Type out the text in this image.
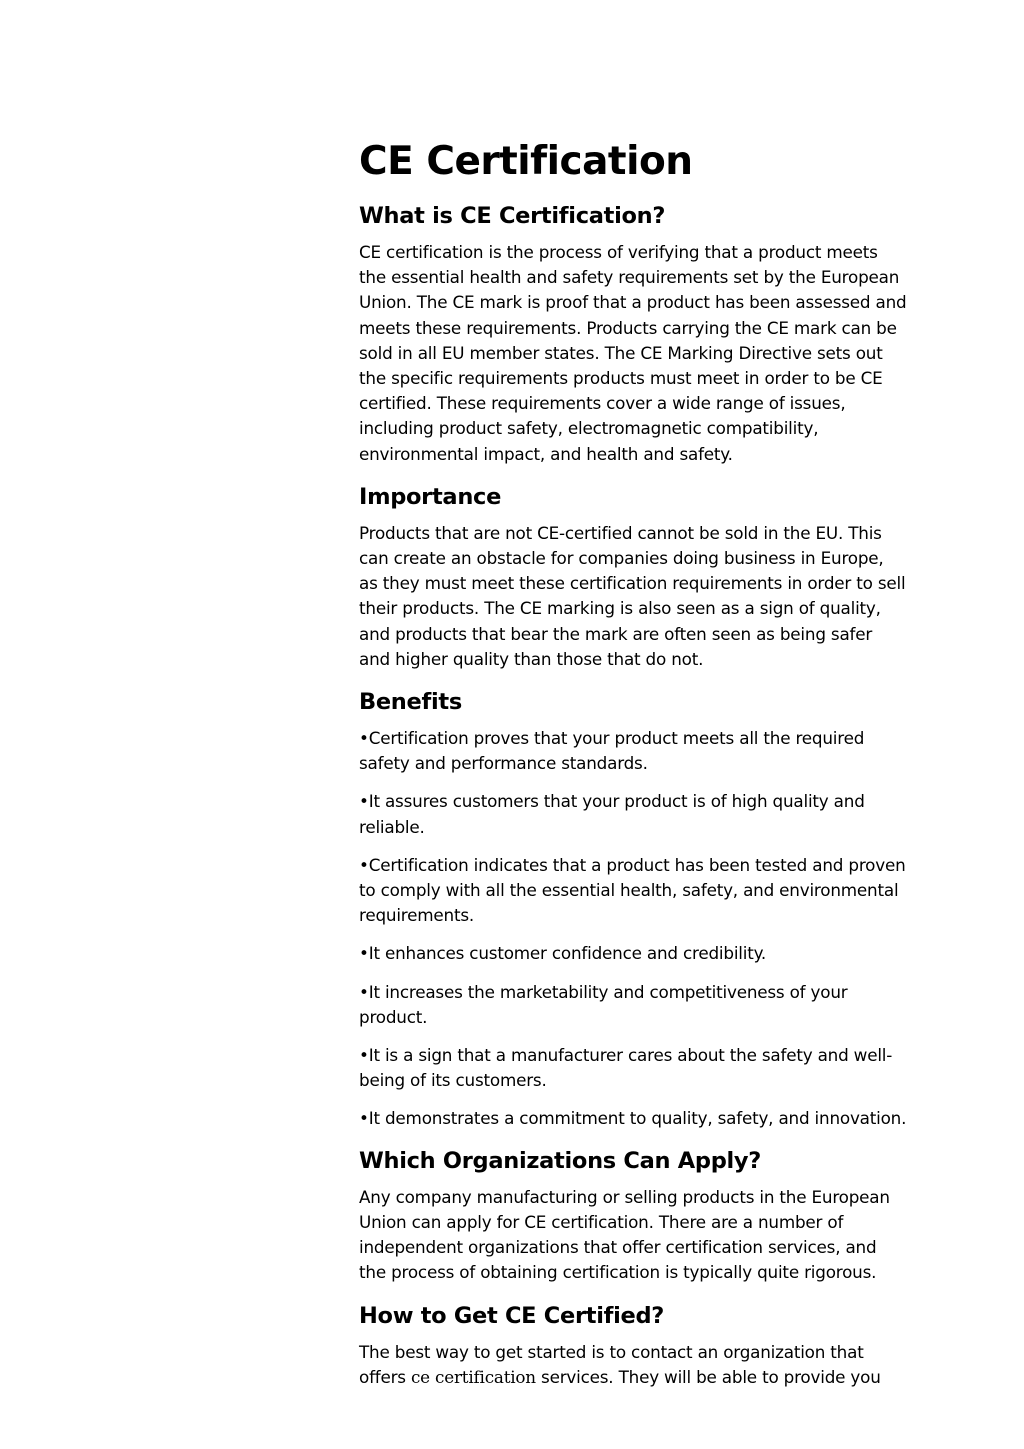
CE Certification
What is CE Certification?

CE certification is the process of verifying that a product meets the essential health and safety requirements set by the European Union. The CE mark is proof that a product has been assessed and meets these requirements. Products carrying the CE mark can be sold in all EU member states. The CE Marking Directive sets out the specific requirements products must meet in order to be CE certified. These requirements cover a wide range of issues, including product safety, electromagnetic compatibility, environmental impact, and health and safety.

Importance

Products that are not CE-certified cannot be sold in the EU. This can create an obstacle for companies doing business in Europe, as they must meet these certification requirements in order to sell their products. The CE marking is also seen as a sign of quality, and products that bear the mark are often seen as being safer and higher quality than those that do not.

Benefits

•Certification proves that your product meets all the required safety and performance standards.

•It assures customers that your product is of high quality and reliable.

•Certification indicates that a product has been tested and proven to comply with all the essential health, safety, and environmental requirements.

•It enhances customer confidence and credibility.

•It increases the marketability and competitiveness of your product.

•It is a sign that a manufacturer cares about the safety and well-being of its customers.

•It demonstrates a commitment to quality, safety, and innovation.

Which Organizations Can Apply?

Any company manufacturing or selling products in the European Union can apply for CE certification. There are a number of independent organizations that offer certification services, and the process of obtaining certification is typically quite rigorous.

How to Get CE Certified?

The best way to get started is to contact an organization that offers ce certification services. They will be able to provide you
